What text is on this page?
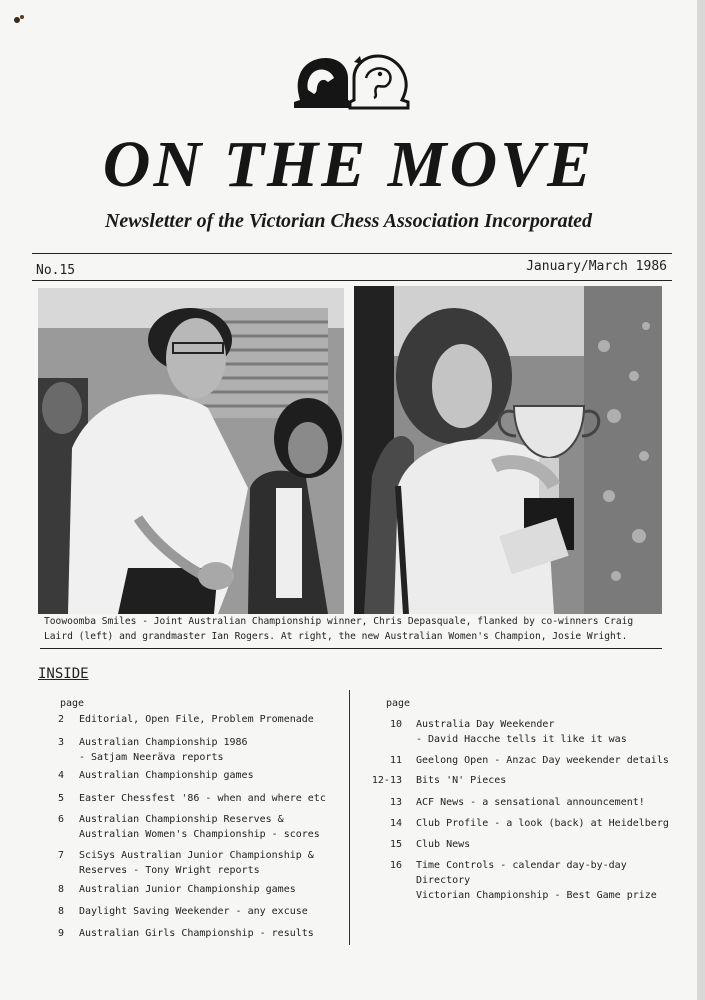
ON THE MOVE
Newsletter of the Victorian Chess Association Incorporated
No.15	January/March 1986
Toowoomba Smiles - Joint Australian Championship winner, Chris Depasquale, flanked by co-winners Craig
Laird (left) and grandmaster Ian Rogers. At right, the new Australian Women's Champion, Josie Wright.
INSIDE
page	page
2 Editorial, Open File, Problem Promenade
3 Australian Championship 1986
- Satjam Neeräva reports
4 Australian Championship games
5 Easter Chessfest '86 - when and where etc
6 Australian Championship Reserves &
Australian Women's Championship - scores
7 SciSys Australian Junior Championship &
Reserves - Tony Wright reports
8 Australian Junior Championship games
8 Daylight Saving Weekender - any excuse
9 Australian Girls Championship - results
10 Australia Day Weekender
- David Hacche tells it like it was
11 Geelong Open - Anzac Day weekender details
12-13 Bits 'N' Pieces
13 ACF News - a sensational announcement!
14 Club Profile - a look (back) at Heidelberg
15 Club News
16 Time Controls - calendar day-by-day
Directory
Victorian Championship - Best Game prize
